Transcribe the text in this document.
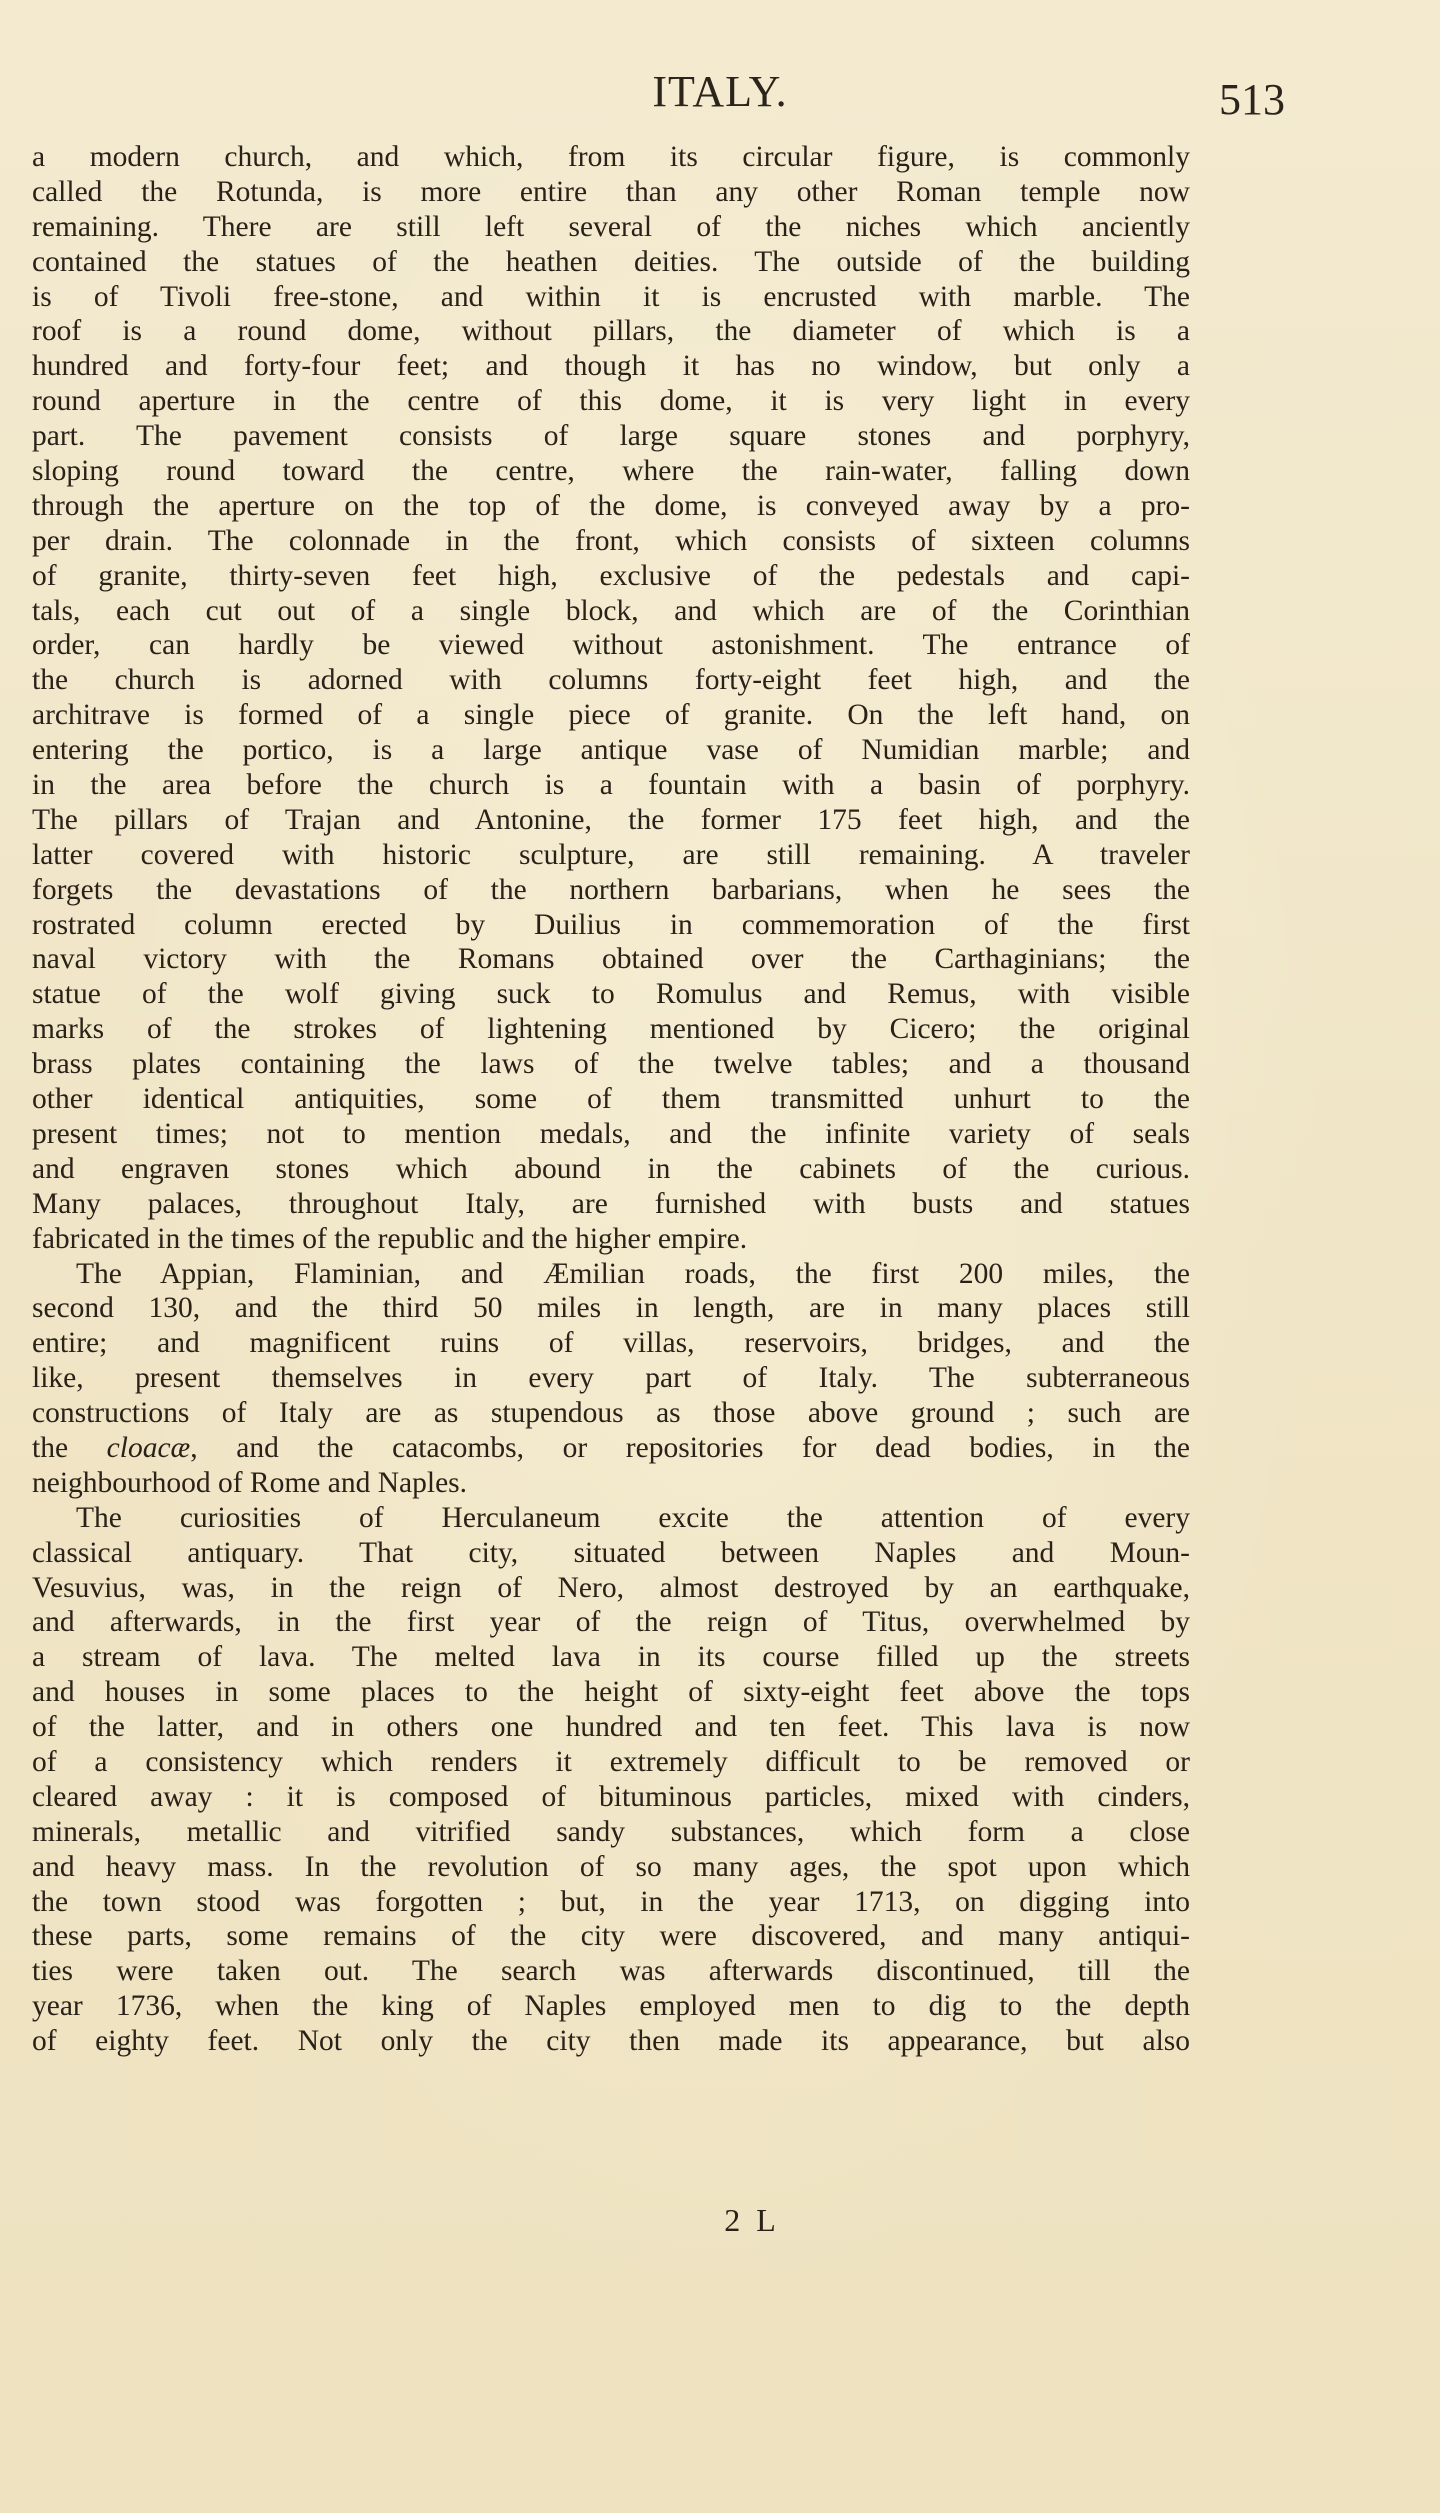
ITALY.	513
a modern church, and which, from its circular figure, is commonly
called the Rotunda, is more entire than any other Roman temple now
remaining. There are still left several of the niches which anciently
contained the statues of the heathen deities. The outside of the building
is of Tivoli free-stone, and within it is encrusted with marble. The
roof is a round dome, without pillars, the diameter of which is a
hundred and forty-four feet; and though it has no window, but only a
round aperture in the centre of this dome, it is very light in every
part. The pavement consists of large square stones and porphyry,
sloping round toward the centre, where the rain-water, falling down
through the aperture on the top of the dome, is conveyed away by a pro-
per drain. The colonnade in the front, which consists of sixteen columns
of granite, thirty-seven feet high, exclusive of the pedestals and capi-
tals, each cut out of a single block, and which are of the Corinthian
order, can hardly be viewed without astonishment. The entrance of
the church is adorned with columns forty-eight feet high, and the
architrave is formed of a single piece of granite. On the left hand, on
entering the portico, is a large antique vase of Numidian marble; and
in the area before the church is a fountain with a basin of porphyry.
The pillars of Trajan and Antonine, the former 175 feet high, and the
latter covered with historic sculpture, are still remaining. A traveler
forgets the devastations of the northern barbarians, when he sees the
rostrated column erected by Duilius in commemoration of the first
naval victory with the Romans obtained over the Carthaginians; the
statue of the wolf giving suck to Romulus and Remus, with visible
marks of the strokes of lightening mentioned by Cicero; the original
brass plates containing the laws of the twelve tables; and a thousand
other identical antiquities, some of them transmitted unhurt to the
present times; not to mention medals, and the infinite variety of seals
and engraven stones which abound in the cabinets of the curious.
Many palaces, throughout Italy, are furnished with busts and statues
fabricated in the times of the republic and the higher empire.
The Appian, Flaminian, and Æmilian roads, the first 200 miles, the
second 130, and the third 50 miles in length, are in many places still
entire; and magnificent ruins of villas, reservoirs, bridges, and the
like, present themselves in every part of Italy. The subterraneous
constructions of Italy are as stupendous as those above ground ; such are
the cloacæ, and the catacombs, or repositories for dead bodies, in the
neighbourhood of Rome and Naples.
The curiosities of Herculaneum excite the attention of every
classical antiquary. That city, situated between Naples and Moun-
Vesuvius, was, in the reign of Nero, almost destroyed by an earthquake,
and afterwards, in the first year of the reign of Titus, overwhelmed by
a stream of lava. The melted lava in its course filled up the streets
and houses in some places to the height of sixty-eight feet above the tops
of the latter, and in others one hundred and ten feet. This lava is now
of a consistency which renders it extremely difficult to be removed or
cleared away : it is composed of bituminous particles, mixed with cinders,
minerals, metallic and vitrified sandy substances, which form a close
and heavy mass. In the revolution of so many ages, the spot upon which
the town stood was forgotten ; but, in the year 1713, on digging into
these parts, some remains of the city were discovered, and many antiqui-
ties were taken out. The search was afterwards discontinued, till the
year 1736, when the king of Naples employed men to dig to the depth
of eighty feet. Not only the city then made its appearance, but also
2 L
